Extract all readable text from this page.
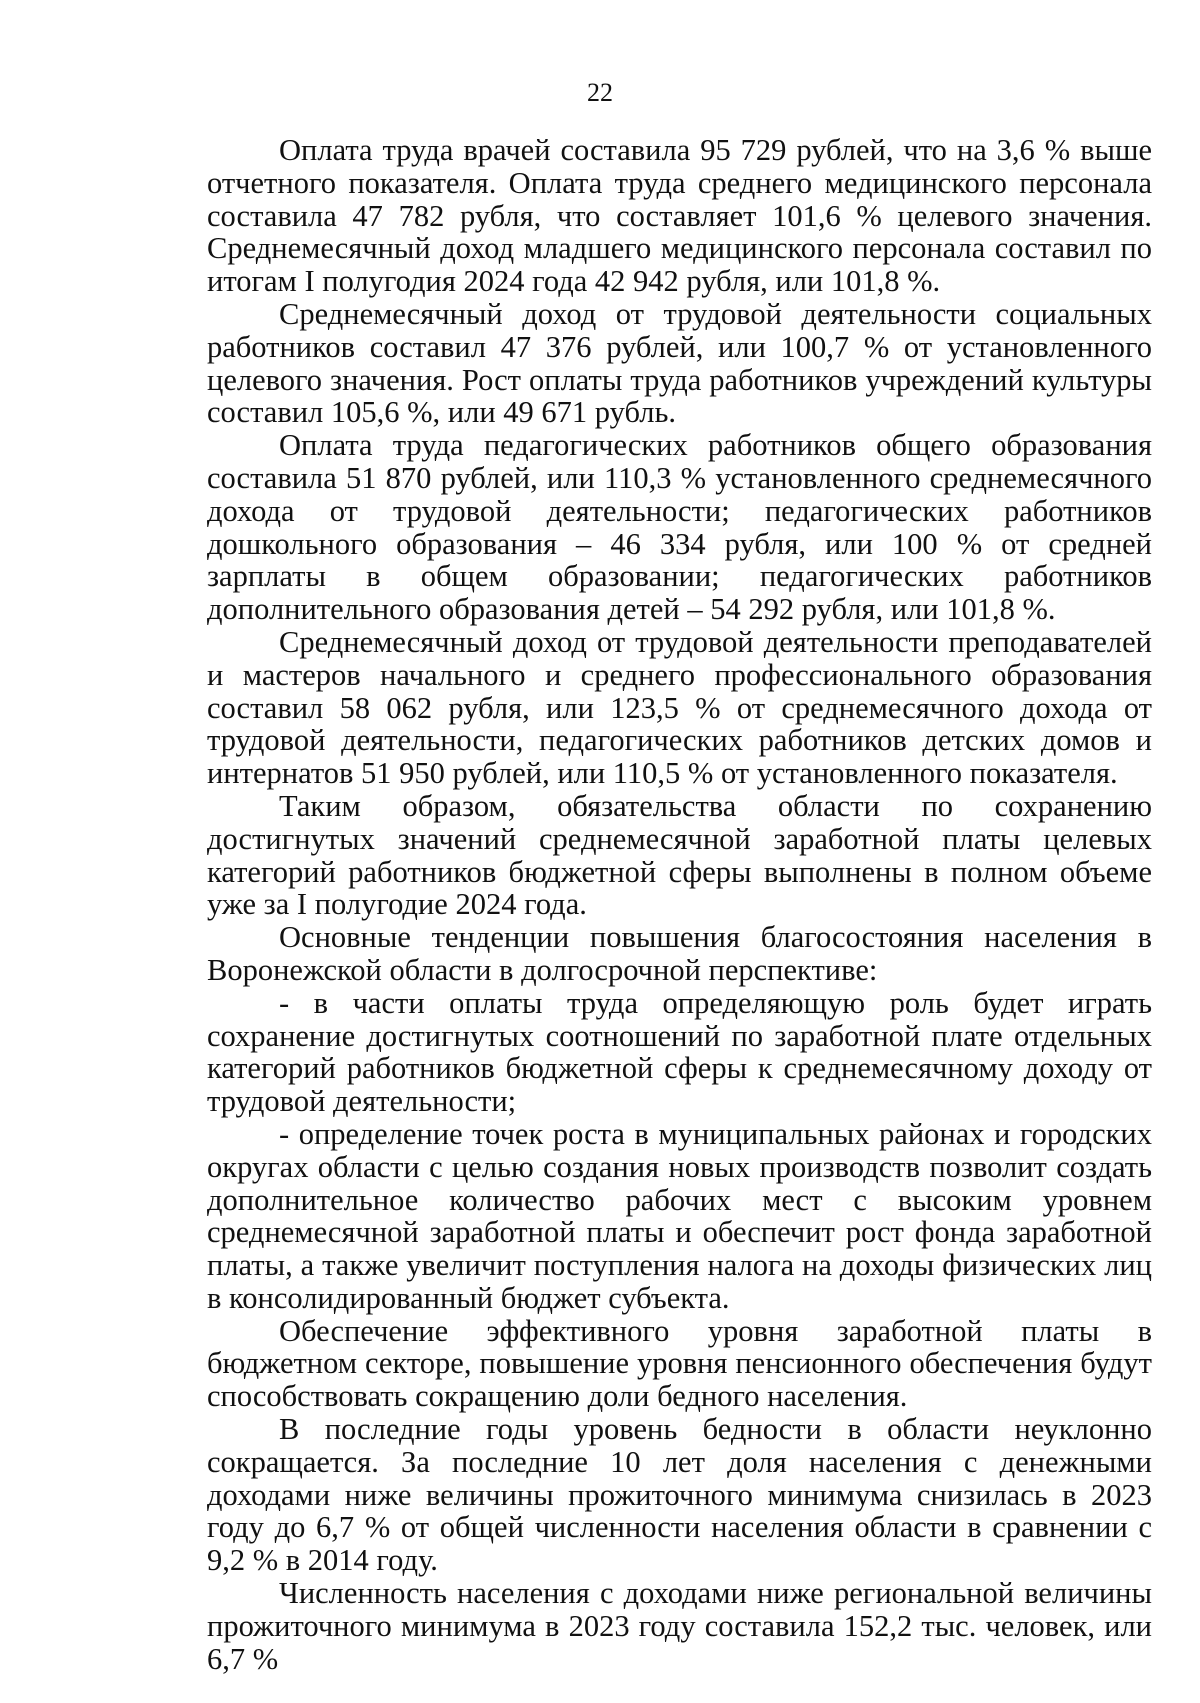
22

Оплата труда врачей составила 95 729 рублей, что на 3,6 % выше отчетного показателя. Оплата труда среднего медицинского персонала составила 47 782 рубля, что составляет 101,6 % целевого значения. Среднемесячный доход младшего медицинского персонала составил по итогам I полугодия 2024 года 42 942 рубля, или 101,8 %.

Среднемесячный доход от трудовой деятельности социальных работников составил 47 376 рублей, или 100,7 % от установленного целевого значения. Рост оплаты труда работников учреждений культуры составил 105,6 %, или 49 671 рубль.

Оплата труда педагогических работников общего образования составила 51 870 рублей, или 110,3 % установленного среднемесячного дохода от трудовой деятельности; педагогических работников дошкольного образования – 46 334 рубля, или 100 % от средней зарплаты в общем образовании; педагогических работников дополнительного образования детей – 54 292 рубля, или 101,8 %.

Среднемесячный доход от трудовой деятельности преподавателей и мастеров начального и среднего профессионального образования составил 58 062 рубля, или 123,5 % от среднемесячного дохода от трудовой деятельности, педагогических работников детских домов и интернатов 51 950 рублей, или 110,5 % от установленного показателя.

Таким образом, обязательства области по сохранению достигнутых значений среднемесячной заработной платы целевых категорий работников бюджетной сферы выполнены в полном объеме уже за I полугодие 2024 года.

Основные тенденции повышения благосостояния населения в Воронежской области в долгосрочной перспективе:

- в части оплаты труда определяющую роль будет играть сохранение достигнутых соотношений по заработной плате отдельных категорий работников бюджетной сферы к среднемесячному доходу от трудовой деятельности;

- определение точек роста в муниципальных районах и городских округах области с целью создания новых производств позволит создать дополнительное количество рабочих мест с высоким уровнем среднемесячной заработной платы и обеспечит рост фонда заработной платы, а также увеличит поступления налога на доходы физических лиц в консолидированный бюджет субъекта.

Обеспечение эффективного уровня заработной платы в бюджетном секторе, повышение уровня пенсионного обеспечения будут способствовать сокращению доли бедного населения.

В последние годы уровень бедности в области неуклонно сокращается. За последние 10 лет доля населения с денежными доходами ниже величины прожиточного минимума снизилась в 2023 году до 6,7 % от общей численности населения области в сравнении с 9,2 % в 2014 году.

Численность населения с доходами ниже региональной величины прожиточного минимума в 2023 году составила 152,2 тыс. человек, или 6,7 %
